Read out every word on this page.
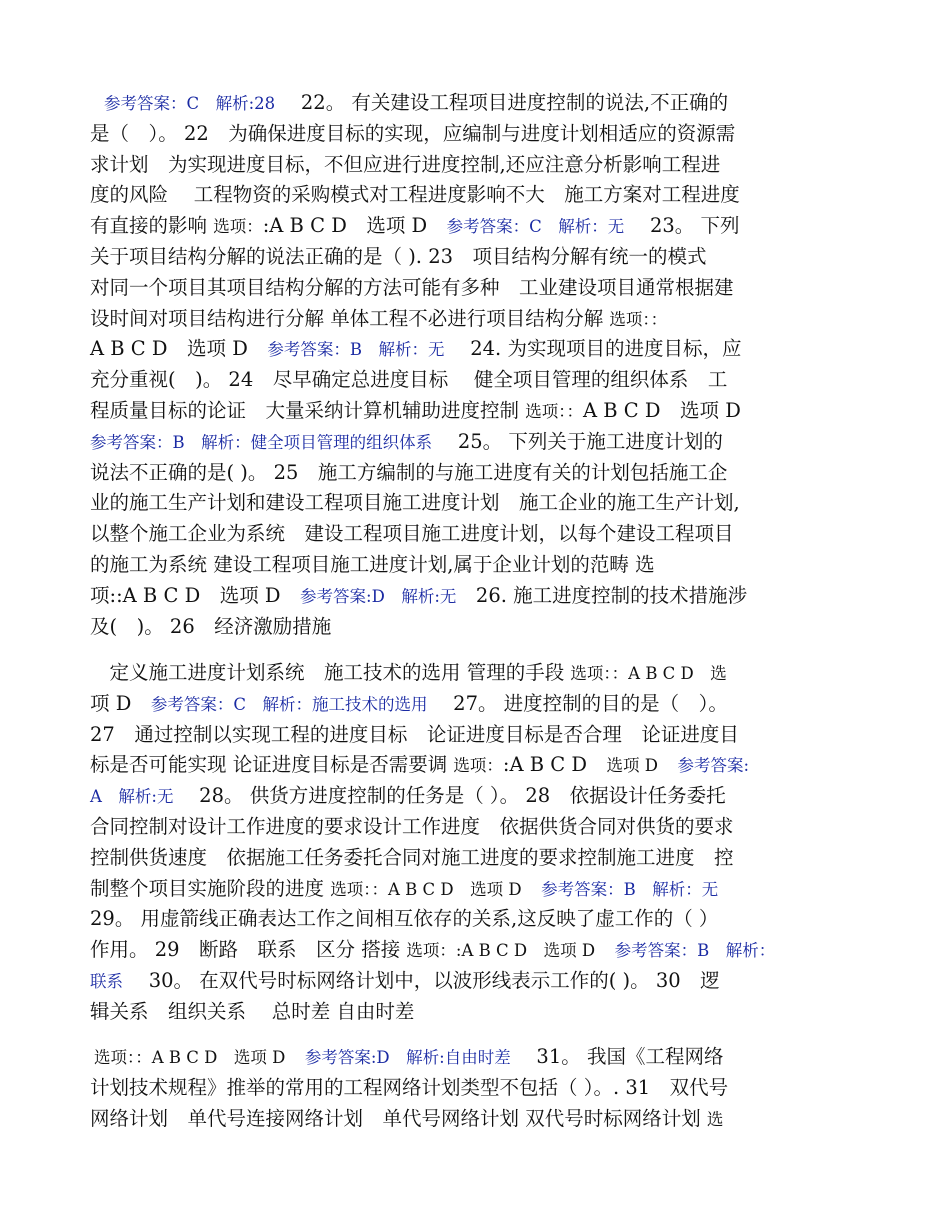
参考答案：C　解析:28　 22。 有关建设工程项目进度控制的说法,不正确的
是（　）。 22　为确保进度目标的实现，应编制与进度计划相适应的资源需
求计划　为实现进度目标，不但应进行进度控制,还应注意分析影响工程进
度的风险　 工程物资的采购模式对工程进度影响不大　施工方案对工程进度
有直接的影响 选项：:A B C D　选项 D　参考答案：C　解析：无　 23。 下列
关于项目结构分解的说法正确的是（ ). 23　项目结构分解有统一的模式
对同一个项目其项目结构分解的方法可能有多种　工业建设项目通常根据建
设时间对项目结构进行分解 单体工程不必进行项目结构分解 选项：：
A B C D　选项 D　参考答案：B　解析：无　 24. 为实现项目的进度目标，应
充分重视(　)。 24　尽早确定总进度目标　 健全项目管理的组织体系　工
程质量目标的论证　大量采纳计算机辅助进度控制 选项：：A B C D　选项 D
参考答案：B　解析：健全项目管理的组织体系　 25。 下列关于施工进度计划的
说法不正确的是( )。 25　施工方编制的与施工进度有关的计划包括施工企
业的施工生产计划和建设工程项目施工进度计划　施工企业的施工生产计划,
以整个施工企业为系统　建设工程项目施工进度计划，以每个建设工程项目
的施工为系统 建设工程项目施工进度计划,属于企业计划的范畴 选
项::A B C D　选项 D　参考答案:D　解析:无　26. 施工进度控制的技术措施涉
及(　)。 26　经济激励措施
　定义施工进度计划系统　施工技术的选用 管理的手段 选项：：A B C D　选
项 D　参考答案：C　解析：施工技术的选用　 27。 进度控制的目的是（　）。
27　通过控制以实现工程的进度目标　论证进度目标是否合理　论证进度目
标是否可能实现 论证进度目标是否需要调 选项：:A B C D　选项 D　 参考答案:
A　解析:无　 28。 供货方进度控制的任务是（ ）。 28　依据设计任务委托
合同控制对设计工作进度的要求设计工作进度　依据供货合同对供货的要求
控制供货速度　依据施工任务委托合同对施工进度的要求控制施工进度　控
制整个项目实施阶段的进度 选项：：A B C D　选项 D　 参考答案：B　解析：无
29。 用虚箭线正确表达工作之间相互依存的关系,这反映了虚工作的（ ）
作用。 29　断路　联系　区分 搭接 选项：:A B C D　选项 D　 参考答案：B　解析：
联系　 30。 在双代号时标网络计划中，以波形线表示工作的( )。 30　逻
辑关系　组织关系　 总时差 自由时差
选项：：A B C D　选项 D　 参考答案:D　解析:自由时差　 31。 我国《工程网络
计划技术规程》推举的常用的工程网络计划类型不包括（ ）。. 31　双代号
网络计划　单代号连接网络计划　单代号网络计划 双代号时标网络计划 选
